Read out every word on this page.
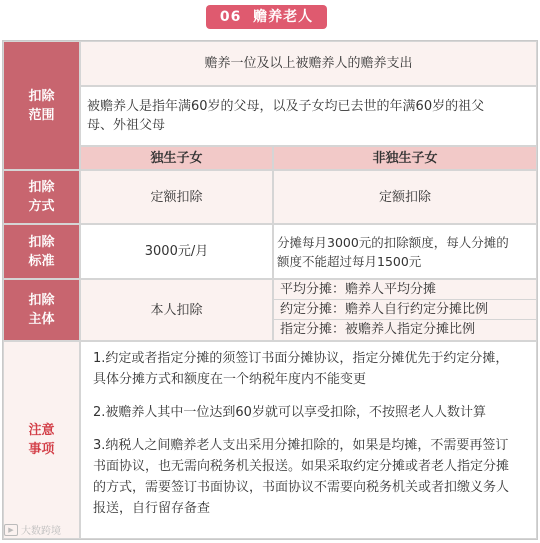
06 赡养老人
扣除
范围
赡养一位及以上被赡养人的赡养支出
被赡养人是指年满60岁的父母，以及子女均已去世的年满60岁的祖父
母、外祖父母
独生子女	非独生子女
扣除
方式
定额扣除	定额扣除
扣除
标准
3000元/月
分摊每月3000元的扣除额度，每人分摊的
额度不能超过每月1500元
扣除
主体
本人扣除
平均分摊：赡养人平均分摊
约定分摊：赡养人自行约定分摊比例
指定分摊：被赡养人指定分摊比例
注意
事项

1.约定或者指定分摊的须签订书面分摊协议，指定分摊优先于约定分摊，
具体分摊方式和额度在一个纳税年度内不能变更

2.被赡养人其中一位达到60岁就可以享受扣除，不按照老人人数计算

3.纳税人之间赡养老人支出采用分摊扣除的，如果是均摊，不需要再签订
书面协议，也无需向税务机关报送。如果采取约定分摊或者老人指定分摊
的方式，需要签订书面协议，书面协议不需要向税务机关或者扣缴义务人
报送，自行留存备查

▶ 大数跨境
